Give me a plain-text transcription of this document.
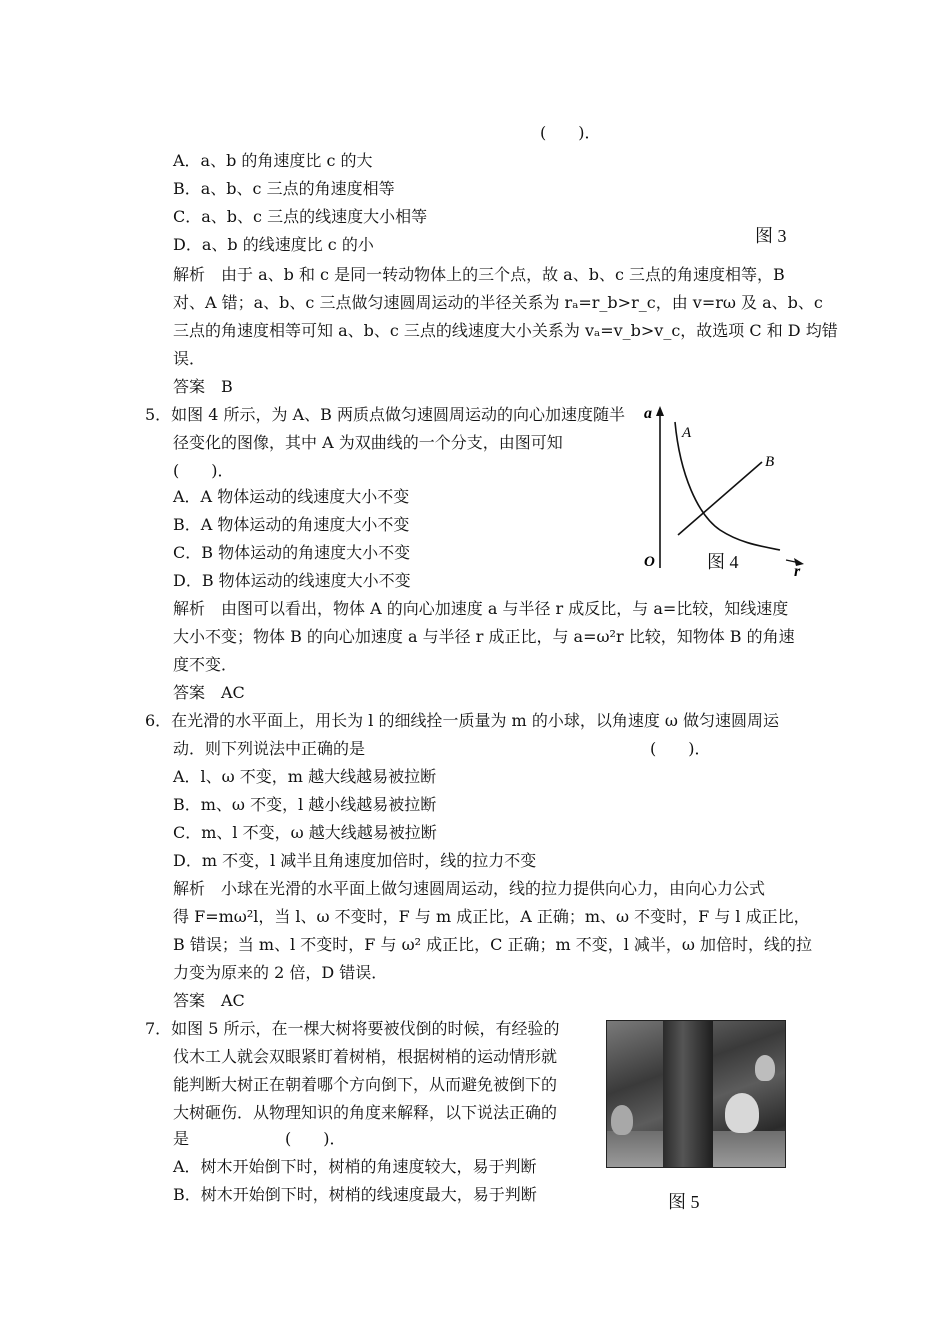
(　　)．
A．a、b 的角速度比 c 的大
B．a、b、c 三点的角速度相等
C．a、b、c 三点的线速度大小相等
D．a、b 的线速度比 c 的小
解析　由于 a、b 和 c 是同一转动物体上的三个点，故 a、b、c 三点的角速度相等，B
对、A 错；a、b、c 三点做匀速圆周运动的半径关系为 rₐ=r_b>r_c，由 v=rω 及 a、b、c
三点的角速度相等可知 a、b、c 三点的线速度大小关系为 vₐ=v_b>v_c，故选项 C 和 D 均错
误．
答案　B
5．如图 4 所示，为 A、B 两质点做匀速圆周运动的向心加速度随半
径变化的图像，其中 A 为双曲线的一个分支，由图可知
(　　)．
A．A 物体运动的线速度大小不变
B．A 物体运动的角速度大小不变
C．B 物体运动的角速度大小不变
D．B 物体运动的线速度大小不变
解析　由图可以看出，物体 A 的向心加速度 a 与半径 r 成反比，与 a=比较，知线速度
大小不变；物体 B 的向心加速度 a 与半径 r 成正比，与 a=ω²r 比较，知物体 B 的角速
度不变．
答案　AC
6．在光滑的水平面上，用长为 l 的细线拴一质量为 m 的小球，以角速度 ω 做匀速圆周运
动．则下列说法中正确的是	(　　)．
A．l、ω 不变，m 越大线越易被拉断
B．m、ω 不变，l 越小线越易被拉断
C．m、l 不变，ω 越大线越易被拉断
D．m 不变，l 减半且角速度加倍时，线的拉力不变
解析　小球在光滑的水平面上做匀速圆周运动，线的拉力提供向心力，由向心力公式
得 F=mω²l，当 l、ω 不变时，F 与 m 成正比，A 正确；m、ω 不变时，F 与 l 成正比，
B 错误；当 m、l 不变时，F 与 ω² 成正比，C 正确；m 不变，l 减半，ω 加倍时，线的拉
力变为原来的 2 倍，D 错误．
答案　AC
7．如图 5 所示，在一棵大树将要被伐倒的时候，有经验的
伐木工人就会双眼紧盯着树梢，根据树梢的运动情形就
能判断大树正在朝着哪个方向倒下，从而避免被倒下的
大树砸伤．从物理知识的角度来解释，以下说法正确的
是　　　　　　(　　)．
A．树木开始倒下时，树梢的角速度较大，易于判断
B．树木开始倒下时，树梢的线速度最大，易于判断
图 3
a
O
r
A
B
图 4
图 5
